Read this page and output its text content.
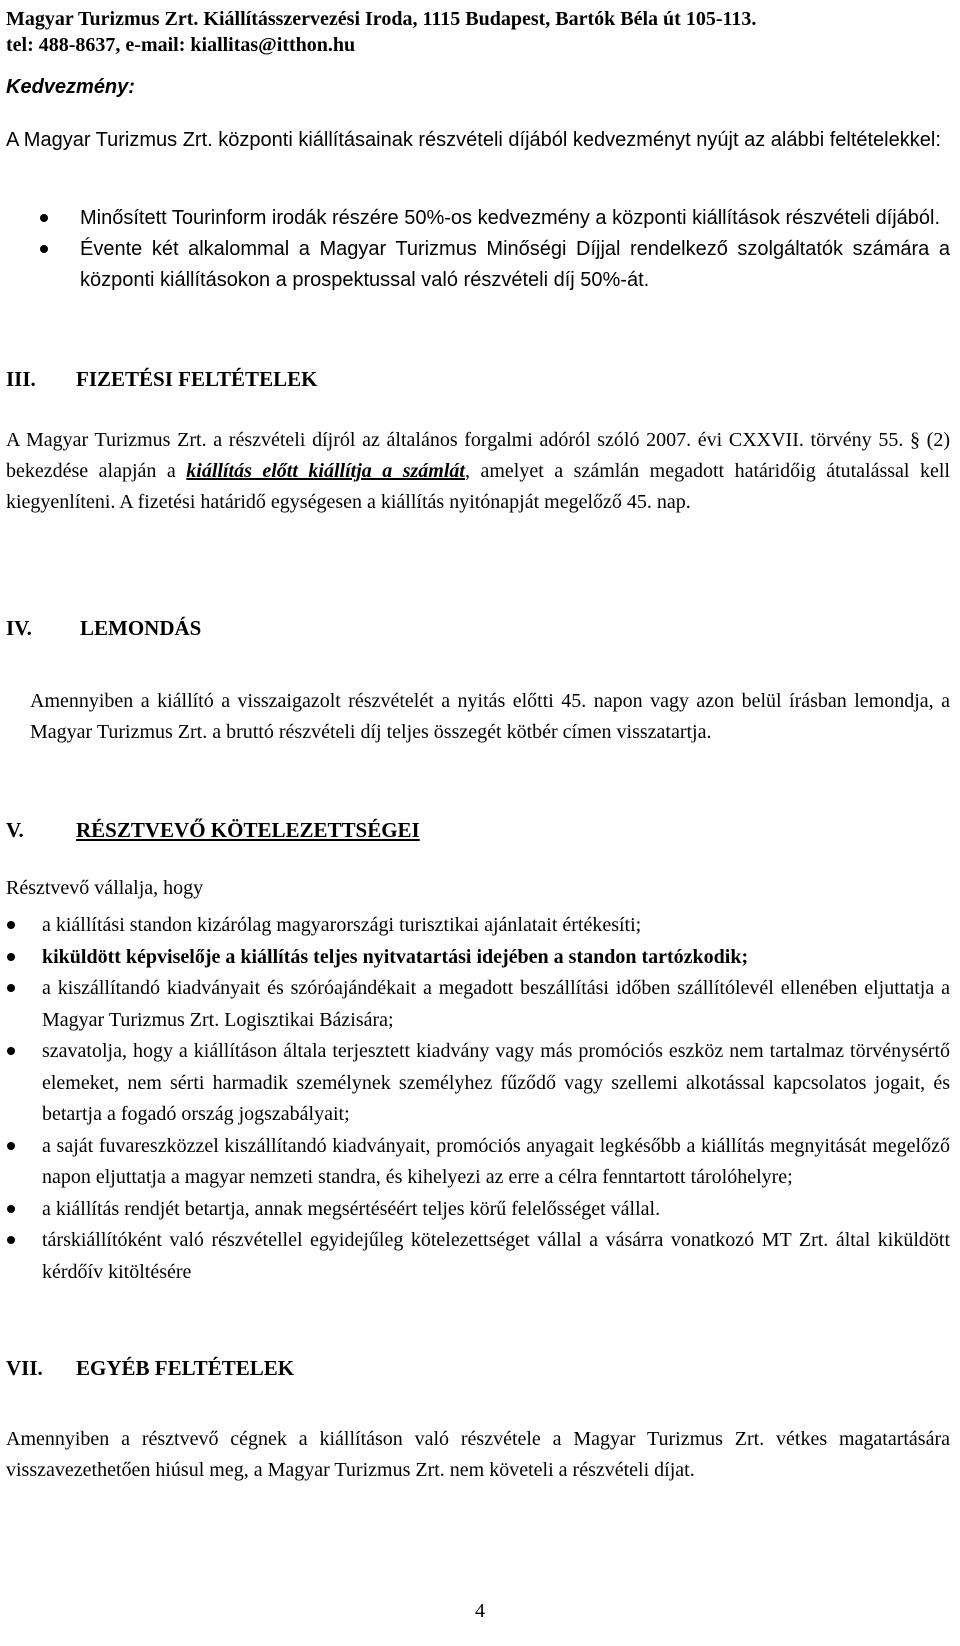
Magyar Turizmus Zrt. Kiállításszervezési Iroda, 1115 Budapest, Bartók Béla út 105-113.
tel: 488-8637, e-mail: kiallitas@itthon.hu
Kedvezmény:
A Magyar Turizmus Zrt. központi kiállításainak részvételi díjából kedvezményt nyújt az alábbi feltételekkel:
Minősített Tourinform irodák részére 50%-os kedvezmény a központi kiállítások részvételi díjából.
Évente két alkalommal a Magyar Turizmus Minőségi Díjjal rendelkező szolgáltatók számára a központi kiállításokon a prospektussal való részvételi díj 50%-át.
III. FIZETÉSI FELTÉTELEK
A Magyar Turizmus Zrt. a részvételi díjról az általános forgalmi adóról szóló 2007. évi CXXVII. törvény 55. § (2) bekezdése alapján a kiállítás előtt kiállítja a számlát, amelyet a számlán megadott határidőig átutalással kell kiegyenlíteni. A fizetési határidő egységesen a kiállítás nyitónapját megelőző 45. nap.
IV. LEMONDÁS
Amennyiben a kiállító a visszaigazolt részvételét a nyitás előtti 45. napon vagy azon belül írásban lemondja, a Magyar Turizmus Zrt. a bruttó részvételi díj teljes összegét kötbér címen visszatartja.
V. RÉSZTVEVŐ KÖTELEZETTSÉGEI
Résztvevő vállalja, hogy
a kiállítási standon kizárólag magyarországi turisztikai ajánlatait értékesíti;
kiküldött képviselője a kiállítás teljes nyitvatartási idejében a standon tartózkodik;
a kiszállítandó kiadványait és szóróajándékait a megadott beszállítási időben szállítólevél ellenében eljuttatja a Magyar Turizmus Zrt. Logisztikai Bázisára;
szavatolja, hogy a kiállításon általa terjesztett kiadvány vagy más promóciós eszköz nem tartalmaz törvénysértő elemeket, nem sérti harmadik személynek személyhez fűződő vagy szellemi alkotással kapcsolatos jogait, és betartja a fogadó ország jogszabályait;
a saját fuvareszközzel kiszállítandó kiadványait, promóciós anyagait legkésőbb a kiállítás megnyitását megelőző napon eljuttatja a magyar nemzeti standra, és kihelyezi az erre a célra fenntartott tárolóhelyre;
a kiállítás rendjét betartja, annak megsértéséért teljes körű felelősséget vállal.
társkiállítóként való részvétellel egyidejűleg kötelezettséget vállal a vásárra vonatkozó MT Zrt. által kiküldött kérdőív kitöltésére
VII. EGYÉB FELTÉTELEK
Amennyiben a résztvevő cégnek a kiállításon való részvétele a Magyar Turizmus Zrt. vétkes magatartására visszavezethetően hiúsul meg, a Magyar Turizmus Zrt. nem követeli a részvételi díjat.
4
